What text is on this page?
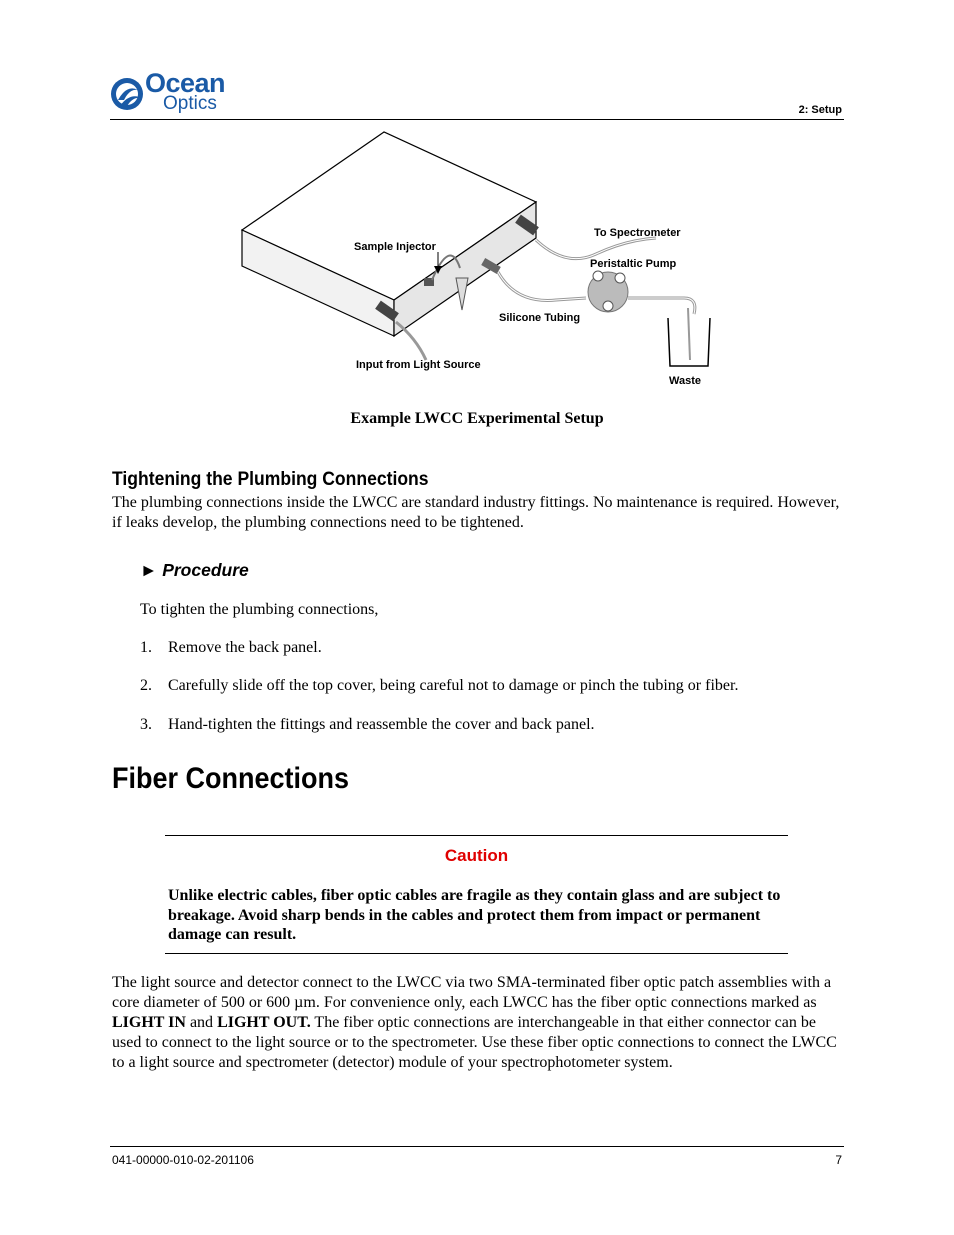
Ocean
Optics	2: Setup
Sample Injector
To Spectrometer
Peristaltic Pump
Silicone Tubing
Input from Light Source
Waste
Example LWCC Experimental Setup
Tightening the Plumbing Connections

The plumbing connections inside the LWCC are standard industry fittings. No maintenance is required. However, if leaks develop, the plumbing connections need to be tightened.

► Procedure

To tighten the plumbing connections,

1. Remove the back panel.
2. Carefully slide off the top cover, being careful not to damage or pinch the tubing or fiber.
3. Hand-tighten the fittings and reassemble the cover and back panel.
Fiber Connections
Caution

Unlike electric cables, fiber optic cables are fragile as they contain glass and are subject to breakage. Avoid sharp bends in the cables and protect them from impact or permanent damage can result.

The light source and detector connect to the LWCC via two SMA-terminated fiber optic patch assemblies with a core diameter of 500 or 600 µm. For convenience only, each LWCC has the fiber optic connections marked as LIGHT IN and LIGHT OUT. The fiber optic connections are interchangeable in that either connector can be used to connect to the light source or to the spectrometer. Use these fiber optic connections to connect the LWCC to a light source and spectrometer (detector) module of your spectrophotometer system.

041-00000-010-02-201106	7
